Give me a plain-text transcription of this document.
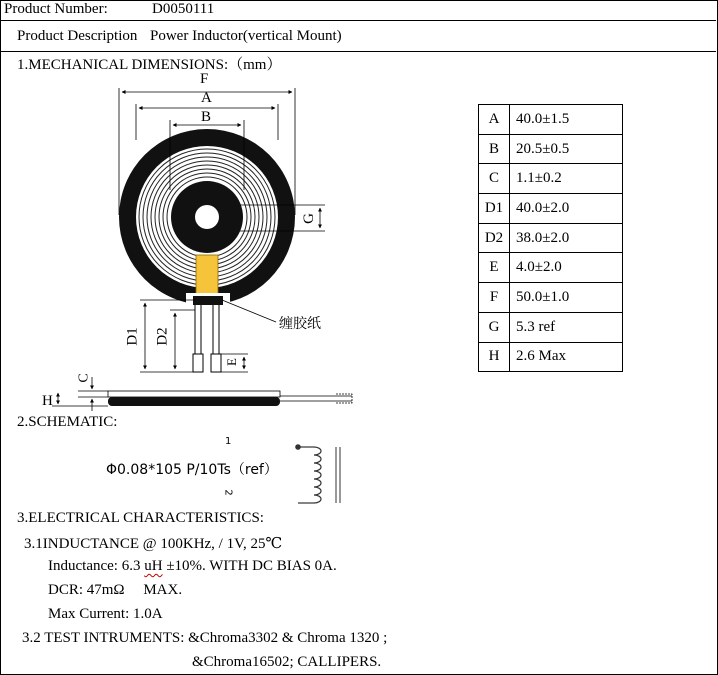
Product Number:	D0050111
Product Description Power Inductor(vertical Mount)
1.MECHANICAL DIMENSIONS:（mm）
F
A
B
G
D1 D2
E
缠胶纸
C
H
A	40.0±1.5
B	20.5±0.5
C	1.1±0.2
D1	40.0±2.0
D2	38.0±2.0
E	4.0±2.0
F	50.0±1.0
G	5.3 ref
H	2.6 Max
2.SCHEMATIC:
Φ0.08*105 P/10Ts（ref）
1
2
3.ELECTRICAL CHARACTERISTICS:
3.1INDUCTANCE @ 100KHz, / 1V, 25℃
Inductance: 6.3 uH ±10%. WITH DC BIAS 0A.
DCR: 47mΩ     MAX.
Max Current: 1.0A
3.2 TEST INTRUMENTS: &Chroma3302 & Chroma 1320 ;
&Chroma16502; CALLIPERS.
